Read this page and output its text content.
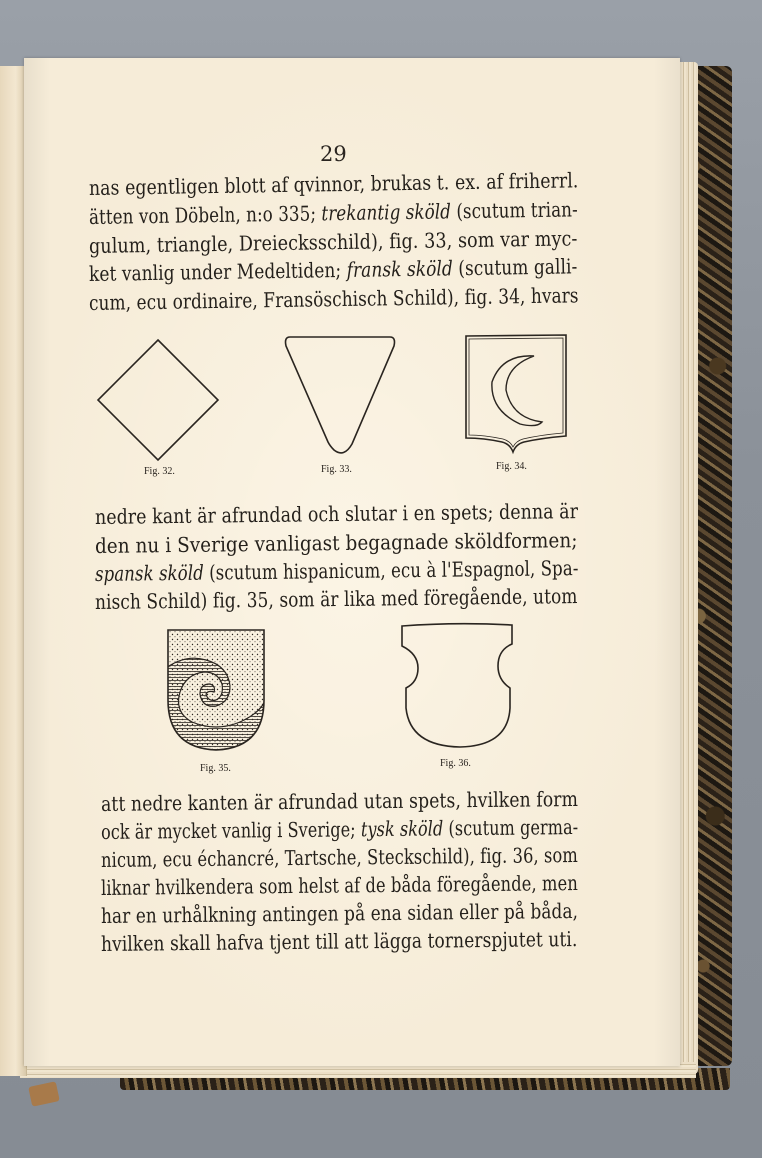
29

nas egentligen blott af qvinnor, brukas t. ex. af friherrl.

ätten von Döbeln, n:o 335; trekantig sköld (scutum trian-

gulum, triangle, Dreiecksschild), fig. 33, som var myc-

ket vanlig under Medeltiden; fransk sköld (scutum galli-

cum, ecu ordinaire, Fransöschisch Schild), fig. 34, hvars

Fig. 32.	Fig. 33.	Fig. 34.

nedre kant är afrundad och slutar i en spets; denna är

den nu i Sverige vanligast begagnade sköldformen;

spansk sköld (scutum hispanicum, ecu à l'Espagnol, Spa-

nisch Schild) fig. 35, som är lika med föregående, utom

Fig. 35.	Fig. 36.

att nedre kanten är afrundad utan spets, hvilken form

ock är mycket vanlig i Sverige; tysk sköld (scutum germa-

nicum, ecu échancré, Tartsche, Steckschild), fig. 36, som

liknar hvilkendera som helst af de båda föregående, men

har en urhålkning antingen på ena sidan eller på båda,

hvilken skall hafva tjent till att lägga tornerspjutet uti.
